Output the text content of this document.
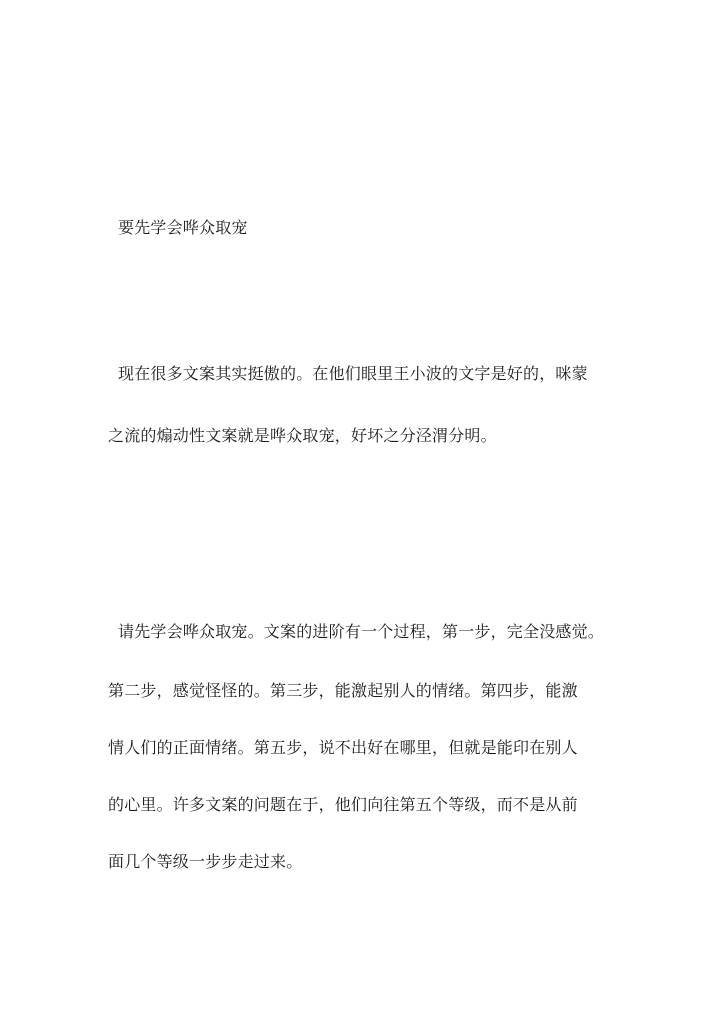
要先学会哗众取宠
现在很多文案其实挺傲的。在他们眼里王小波的文字是好的，咪蒙
之流的煽动性文案就是哗众取宠，好坏之分泾渭分明。
请先学会哗众取宠。文案的进阶有一个过程，第一步，完全没感觉。
第二步，感觉怪怪的。第三步，能激起别人的情绪。第四步，能激
情人们的正面情绪。第五步，说不出好在哪里，但就是能印在别人
的心里。许多文案的问题在于，他们向往第五个等级，而不是从前
面几个等级一步步走过来。
